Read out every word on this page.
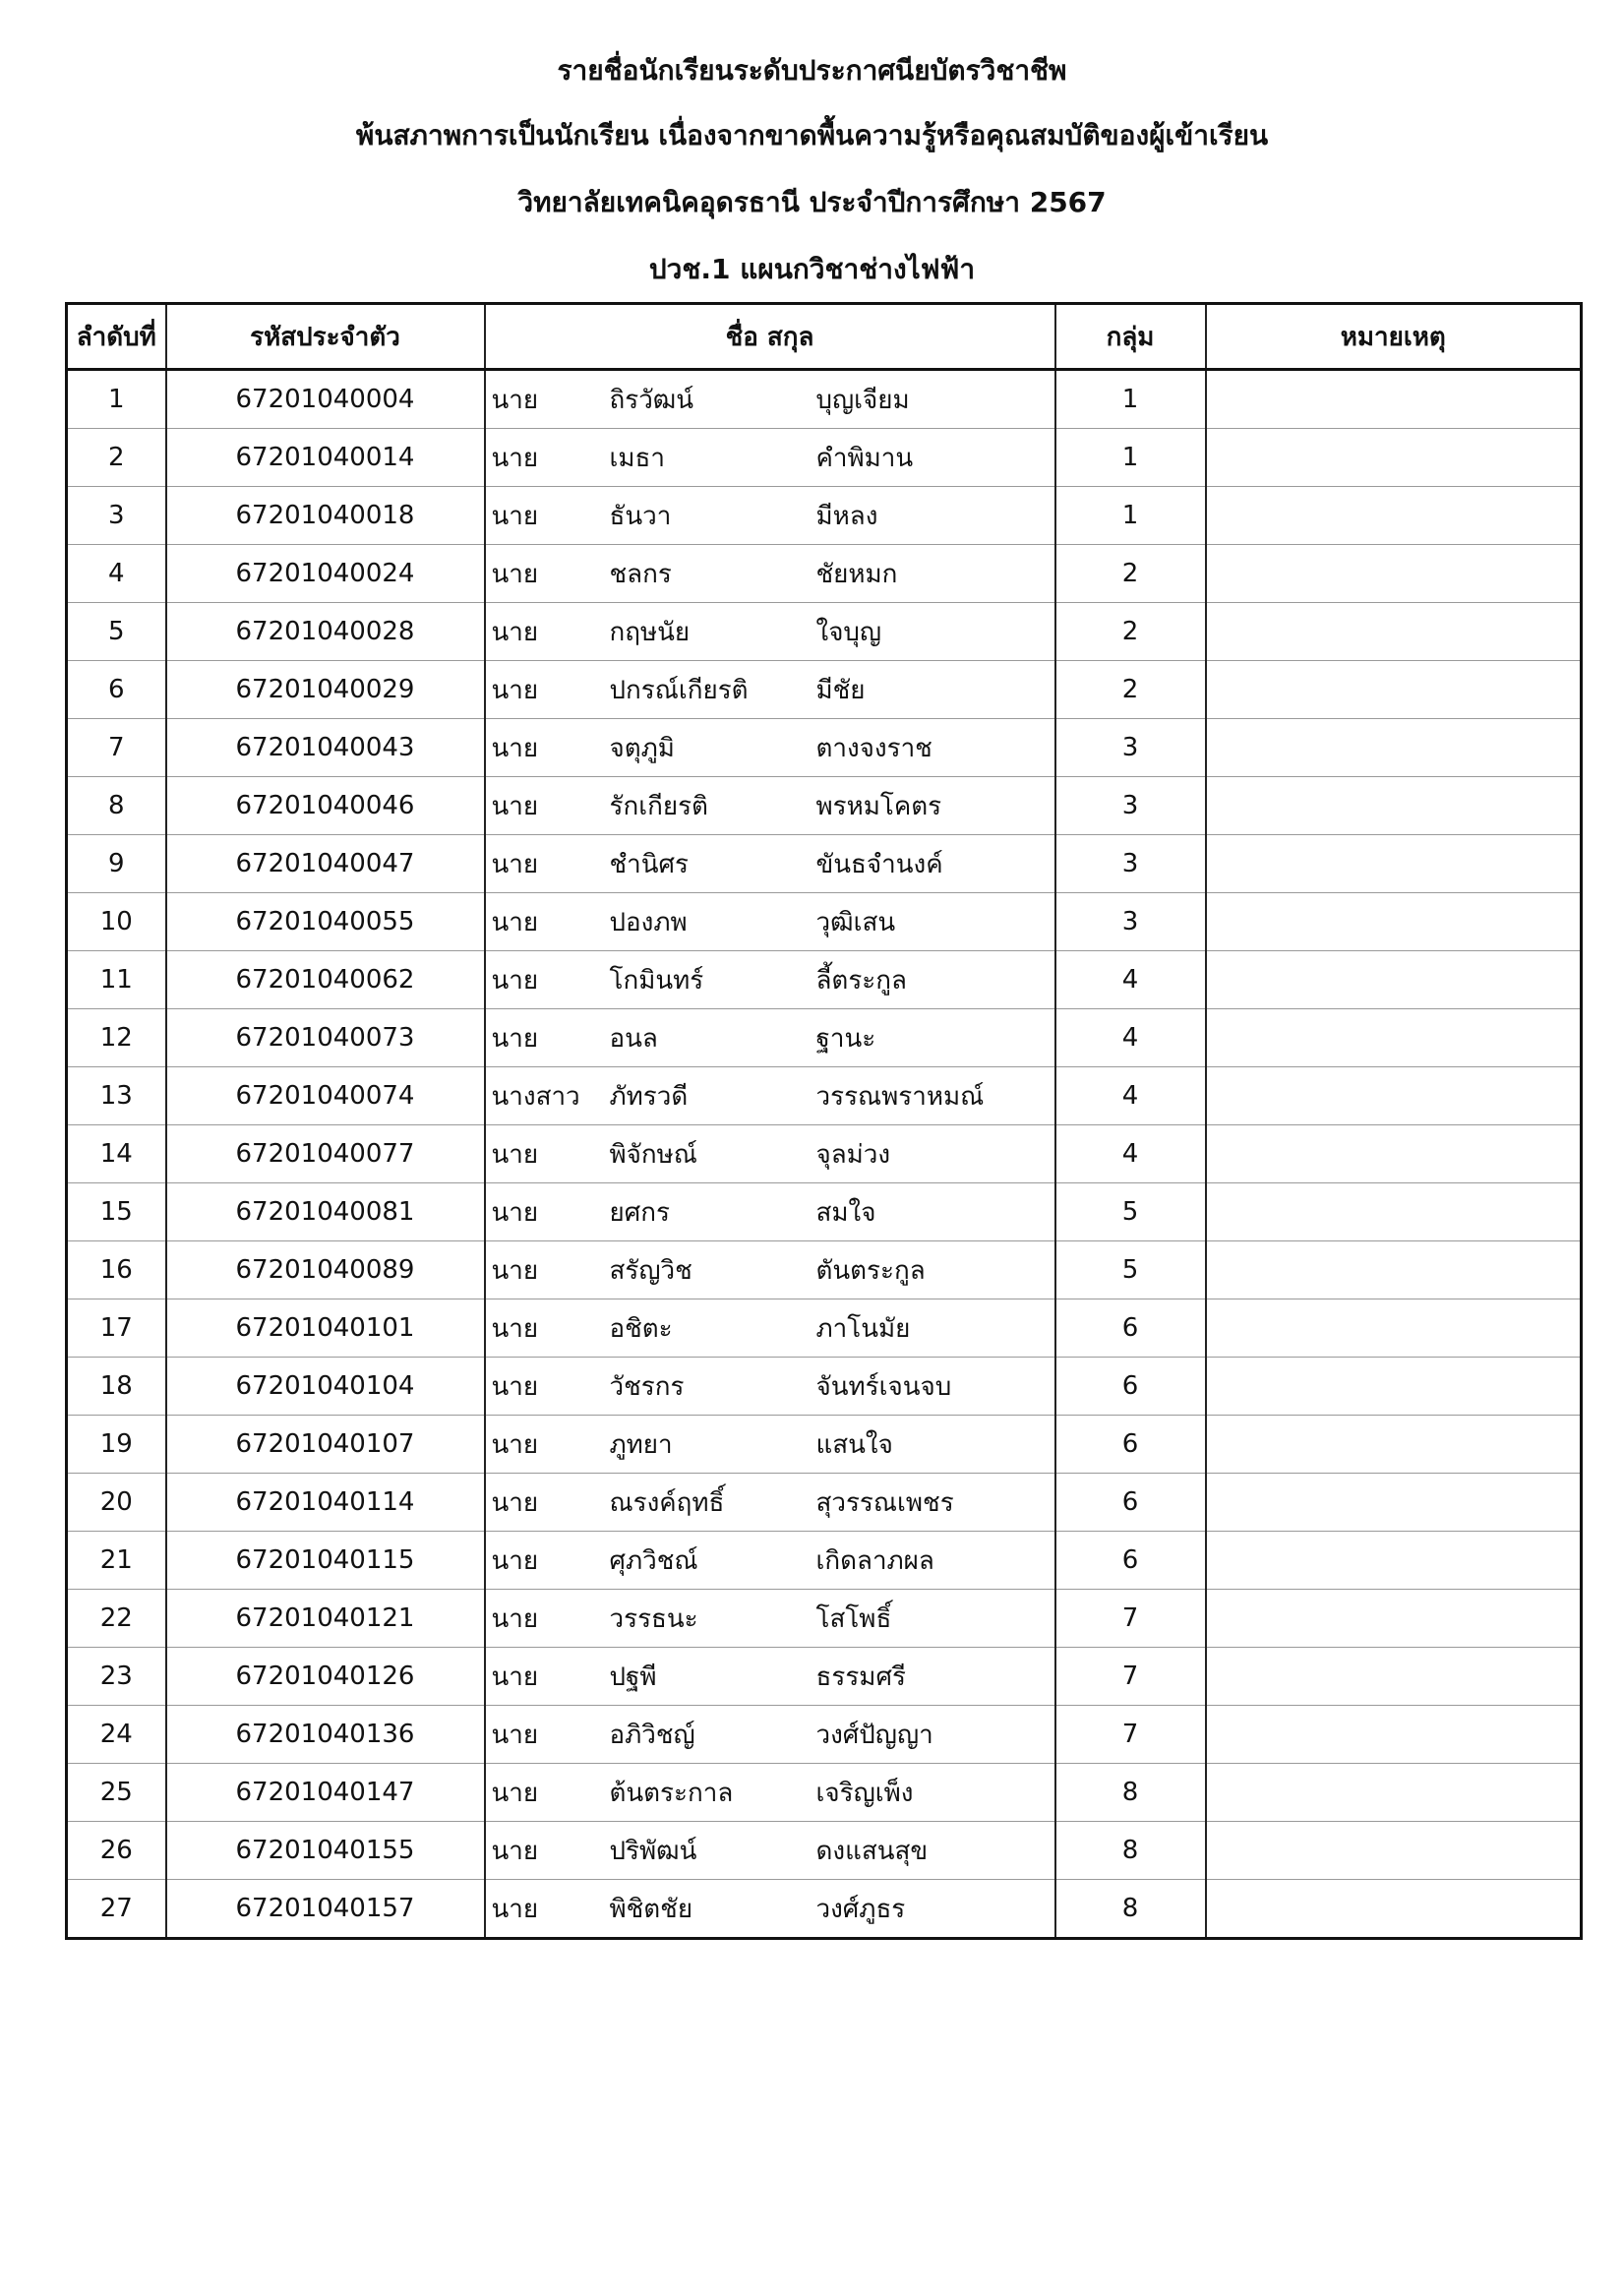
รายชื่อนักเรียนระดับประกาศนียบัตรวิชาชีพ
พ้นสภาพการเป็นนักเรียน เนื่องจากขาดพื้นความรู้หรือคุณสมบัติของผู้เข้าเรียน
วิทยาลัยเทคนิคอุดรธานี ประจำปีการศึกษา 2567
ปวช.1 แผนกวิชาช่างไฟฟ้า
ลำดับที่	รหัสประจำตัว	ชื่อ สกุล	กลุ่ม	หมายเหตุ
1	67201040004	นาย ถิรวัฒน์ บุญเจียม	1	
2	67201040014	นาย เมธา คำพิมาน	1	
3	67201040018	นาย ธันวา มีหลง	1	
4	67201040024	นาย ชลกร ชัยหมก	2	
5	67201040028	นาย กฤษนัย ใจบุญ	2	
6	67201040029	นาย ปกรณ์เกียรติ มีชัย	2	
7	67201040043	นาย จตุภูมิ ตางจงราช	3	
8	67201040046	นาย รักเกียรติ พรหมโคตร	3	
9	67201040047	นาย ชำนิศร ขันธจำนงค์	3	
10	67201040055	นาย ปองภพ วุฒิเสน	3	
11	67201040062	นาย โกมินทร์ ลี้ตระกูล	4	
12	67201040073	นาย อนล ฐานะ	4	
13	67201040074	นางสาว ภัทรวดี วรรณพราหมณ์	4	
14	67201040077	นาย พิจักษณ์ จุลม่วง	4	
15	67201040081	นาย ยศกร สมใจ	5	
16	67201040089	นาย สรัญวิช ตันตระกูล	5	
17	67201040101	นาย อชิตะ ภาโนมัย	6	
18	67201040104	นาย วัชรกร จันทร์เจนจบ	6	
19	67201040107	นาย ภูทยา แสนใจ	6	
20	67201040114	นาย ณรงค์ฤทธิ์ สุวรรณเพชร	6	
21	67201040115	นาย ศุภวิชณ์ เกิดลาภผล	6	
22	67201040121	นาย วรรธนะ โสโพธิ์	7	
23	67201040126	นาย ปฐพี ธรรมศรี	7	
24	67201040136	นาย อภิวิชญ์ วงศ์ปัญญา	7	
25	67201040147	นาย ต้นตระกาล เจริญเพ็ง	8	
26	67201040155	นาย ปริพัฒน์ ดงแสนสุข	8	
27	67201040157	นาย พิชิตชัย วงศ์ภูธร	8	
